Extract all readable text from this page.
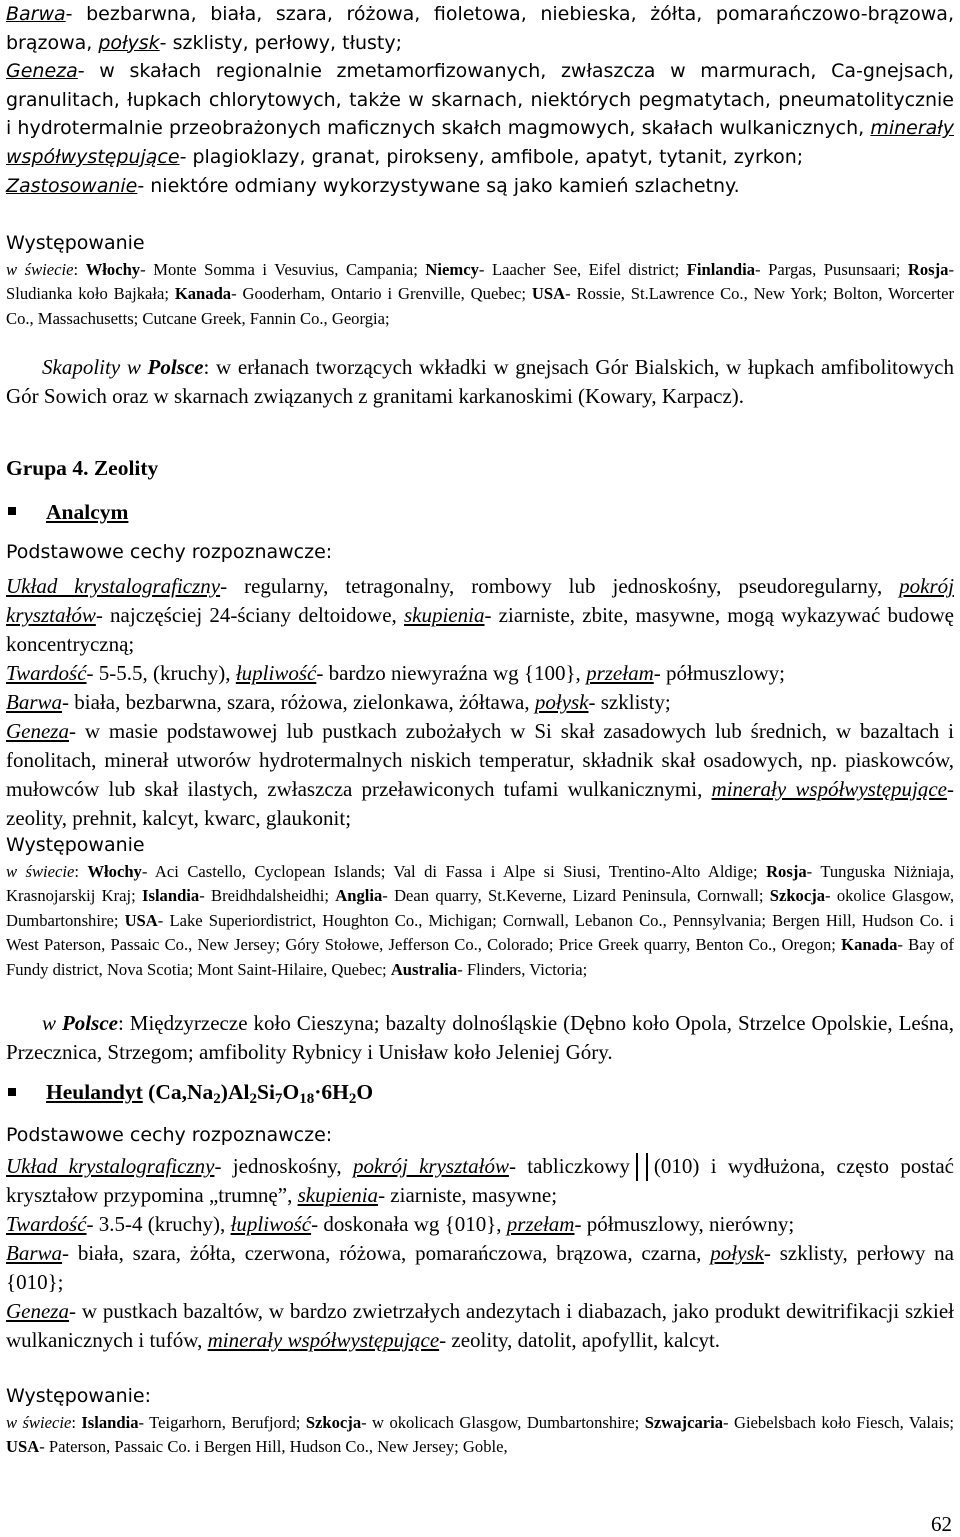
Barwa- bezbarwna, biała, szara, różowa, fioletowa, niebieska, żółta, pomarańczowo-brązowa, brązowa, połysk- szklisty, perłowy, tłusty;
Geneza- w skałach regionalnie zmetamorfizowanych, zwłaszcza w marmurach, Ca-gnejsach, granulitach, łupkach chlorytowych, także w skarnach, niektórych pegmatytach, pneumatolitycznie i hydrotermalnie przeobrażonych maficznych skałch magmowych, skałach wulkanicznych, minerały współwystępujące- plagioklazy, granat, pirokseny, amfibole, apatyt, tytanit, zyrkon;
Zastosowanie- niektóre odmiany wykorzystywane są jako kamień szlachetny.
Występowanie
w świecie: Włochy- Monte Somma i Vesuvius, Campania; Niemcy- Laacher See, Eifel district; Finlandia- Pargas, Pusunsaari; Rosja- Sludianka koło Bajkała; Kanada- Gooderham, Ontario i Grenville, Quebec; USA- Rossie, St.Lawrence Co., New York; Bolton, Worcerter Co., Massachusetts; Cutcane Greek, Fannin Co., Georgia;
Skapolity w Polsce: w erłanach tworzących wkładki w gnejsach Gór Bialskich, w łupkach amfibolitowych Gór Sowich oraz w skarnach związanych z granitami karkanoskimi (Kowary, Karpacz).
Grupa 4. Zeolity
Analcym
Podstawowe cechy rozpoznawcze:
Układ krystalograficzny- regularny, tetragonalny, rombowy lub jednoskośny, pseudoregularny, pokrój kryształów- najczęściej 24-ściany deltoidowe, skupienia- ziarniste, zbite, masywne, mogą wykazywać budowę koncentryczną;
Twardość- 5-5.5, (kruchy), łupliwość- bardzo niewyraźna wg {100}, przełam- półmuszlowy;
Barwa- biała, bezbarwna, szara, różowa, zielonkawa, żółtawa, połysk- szklisty;
Geneza- w masie podstawowej lub pustkach zubożałych w Si skał zasadowych lub średnich, w bazaltach i fonolitach, minerał utworów hydrotermalnych niskich temperatur, składnik skał osadowych, np. piaskowców, mułowców lub skał ilastych, zwłaszcza przeławiconych tufami wulkanicznymi, minerały współwystępujące- zeolity, prehnit, kalcyt, kwarc, glaukonit;
Występowanie
w świecie: Włochy- Aci Castello, Cyclopean Islands; Val di Fassa i Alpe si Siusi, Trentino-Alto Aldige; Rosja- Tunguska Niżniaja, Krasnojarskij Kraj; Islandia- Breidhdalsheidhi; Anglia- Dean quarry, St.Keverne, Lizard Peninsula, Cornwall; Szkocja- okolice Glasgow, Dumbartonshire; USA- Lake Superiordistrict, Houghton Co., Michigan; Cornwall, Lebanon Co., Pennsylvania; Bergen Hill, Hudson Co. i West Paterson, Passaic Co., New Jersey; Góry Stołowe, Jefferson Co., Colorado; Price Greek quarry, Benton Co., Oregon; Kanada- Bay of Fundy district, Nova Scotia; Mont Saint-Hilaire, Quebec; Australia- Flinders, Victoria;
w Polsce: Międzyrzecze koło Cieszyna; bazalty dolnośląskie (Dębno koło Opola, Strzelce Opolskie, Leśna, Przecznica, Strzegom; amfibolity Rybnicy i Unisław koło Jeleniej Góry.
Heulandyt $(Ca,Na_2)Al_2Si_7O_{18}\cdot 6H_2O$
Podstawowe cechy rozpoznawcze:
Układ krystalograficzny- jednoskośny, pokrój kryształów- tabliczkowy (010) i wydłużona, często postać kryształow przypomina „trumnę”, skupienia- ziarniste, masywne;
Twardość- 3.5-4 (kruchy), łupliwość- doskonała wg {010}, przełam- półmuszlowy, nierówny;
Barwa- biała, szara, żółta, czerwona, różowa, pomarańczowa, brązowa, czarna, połysk- szklisty, perłowy na {010};
Geneza- w pustkach bazaltów, w bardzo zwietrzałych andezytach i diabazach, jako produkt dewitrifikacji szkieł wulkanicznych i tufów, minerały współwystępujące- zeolity, datolit, apofyllit, kalcyt.
Występowanie:
w świecie: Islandia- Teigarhorn, Berufjord; Szkocja- w okolicach Glasgow, Dumbartonshire; Szwajcaria- Giebelsbach koło Fiesch, Valais; USA- Paterson, Passaic Co. i Bergen Hill, Hudson Co., New Jersey; Goble,
62
